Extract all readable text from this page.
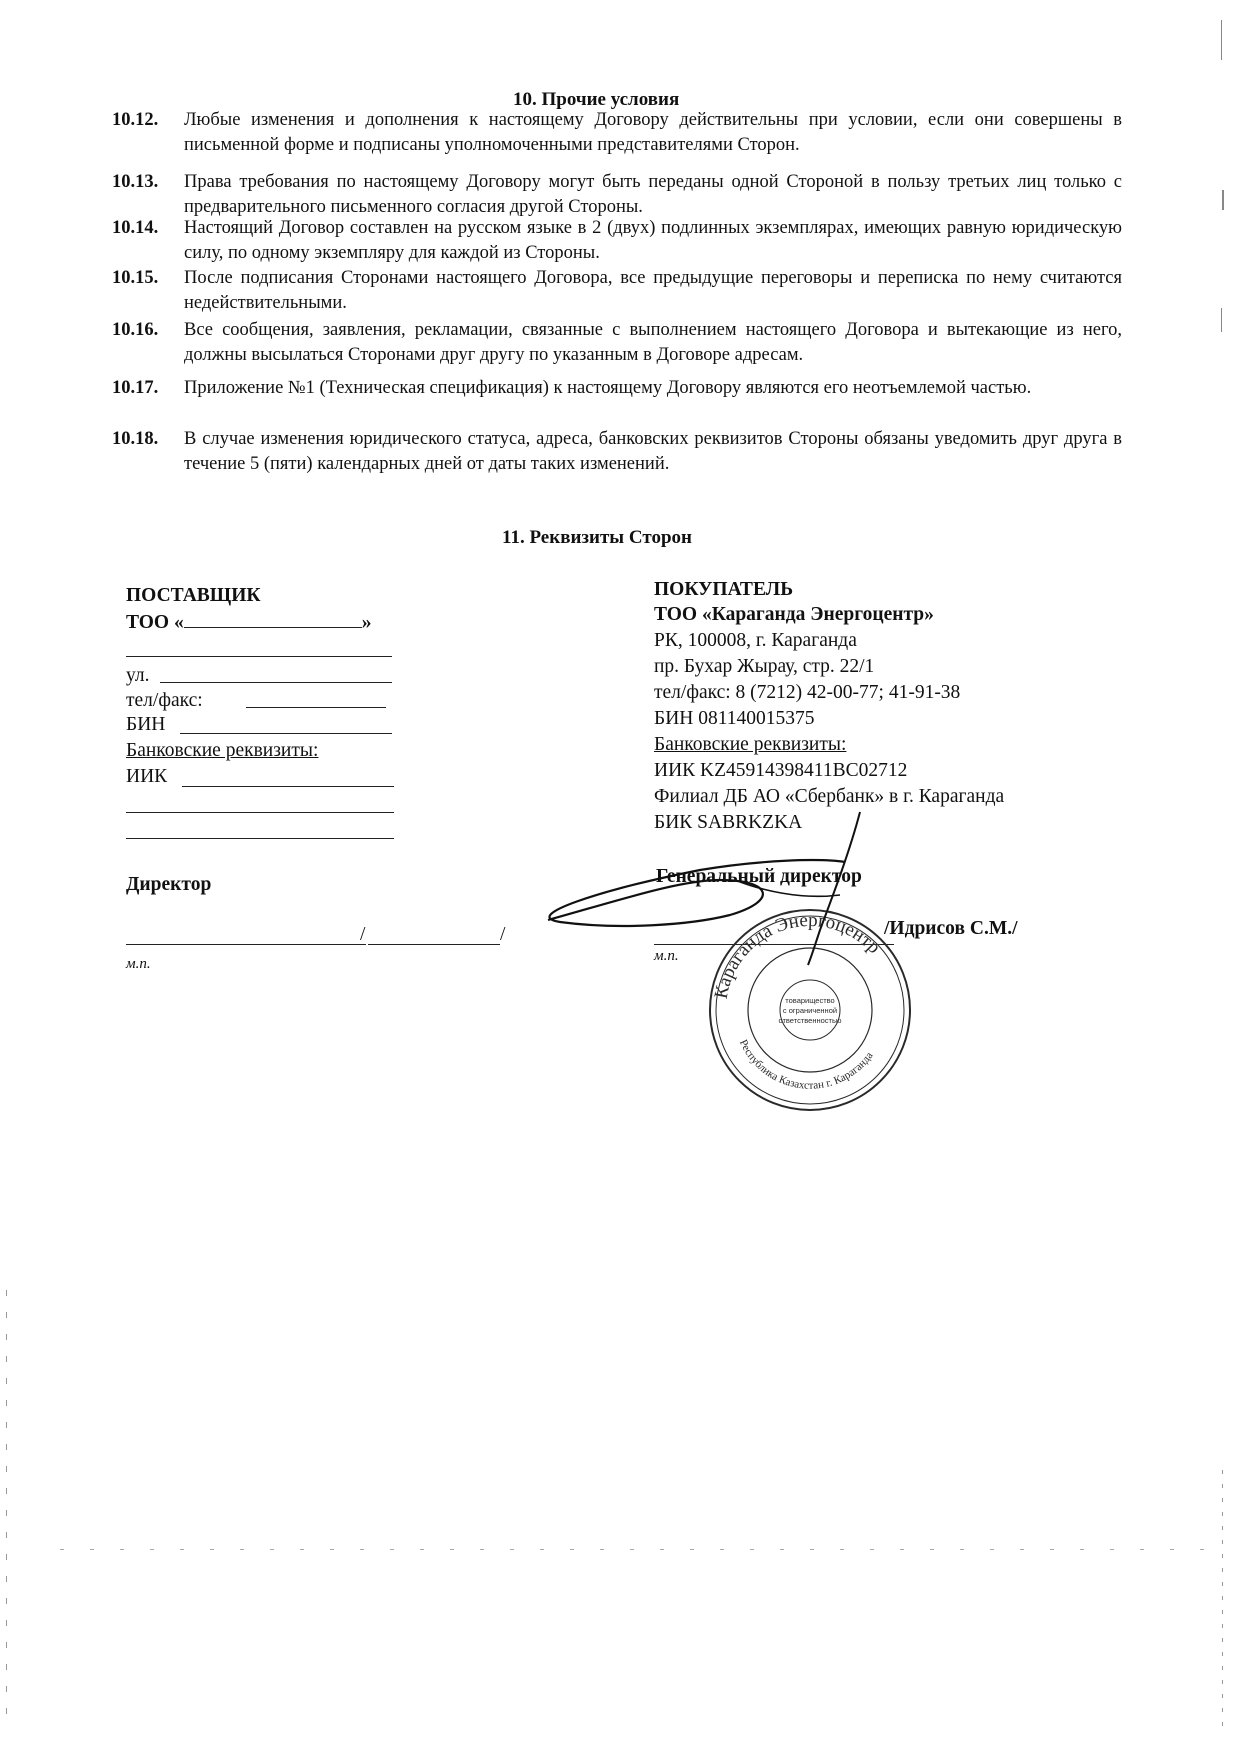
10. Прочие условия
10.12. Любые изменения и дополнения к настоящему Договору действительны при условии, если они совершены в письменной форме и подписаны уполномоченными представителями Сторон.
10.13. Права требования по настоящему Договору могут быть переданы одной Стороной в пользу третьих лиц только с предварительного письменного согласия другой Стороны.
10.14. Настоящий Договор составлен на русском языке в 2 (двух) подлинных экземплярах, имеющих равную юридическую силу, по одному экземпляру для каждой из Стороны.
10.15. После подписания Сторонами настоящего Договора, все предыдущие переговоры и переписка по нему считаются недействительными.
10.16. Все сообщения, заявления, рекламации, связанные с выполнением настоящего Договора и вытекающие из него, должны высылаться Сторонами друг другу по указанным в Договоре адресам.
10.17. Приложение №1 (Техническая спецификация) к настоящему Договору являются его неотъемлемой частью.
10.18. В случае изменения юридического статуса, адреса, банковских реквизитов Стороны обязаны уведомить друг друга в течение 5 (пяти) календарных дней от даты таких изменений.
11. Реквизиты Сторон
ПОСТАВЩИК
ТОО «	»
ул.
тел/факс:
БИН
Банковские реквизиты:
ИИК
Директор
/	/
м.п.
ПОКУПАТЕЛЬ
ТОО «Караганда Энергоцентр»
РК, 100008, г. Караганда
пр. Бухар Жырау, стр. 22/1
тел/факс: 8 (7212) 42-00-77; 41-91-38
БИН 081140015375
Банковские реквизиты:
ИИК KZ45914398411BC02712
Филиал ДБ АО «Сбербанк» в г. Караганда
БИК SABRKZKA
Генеральный директор
/Идрисов С.М./
м.п.
Караганда Энергоцентр
Республика Казахстан г. Караганда
товарищество
с ограниченной
ответственностью
